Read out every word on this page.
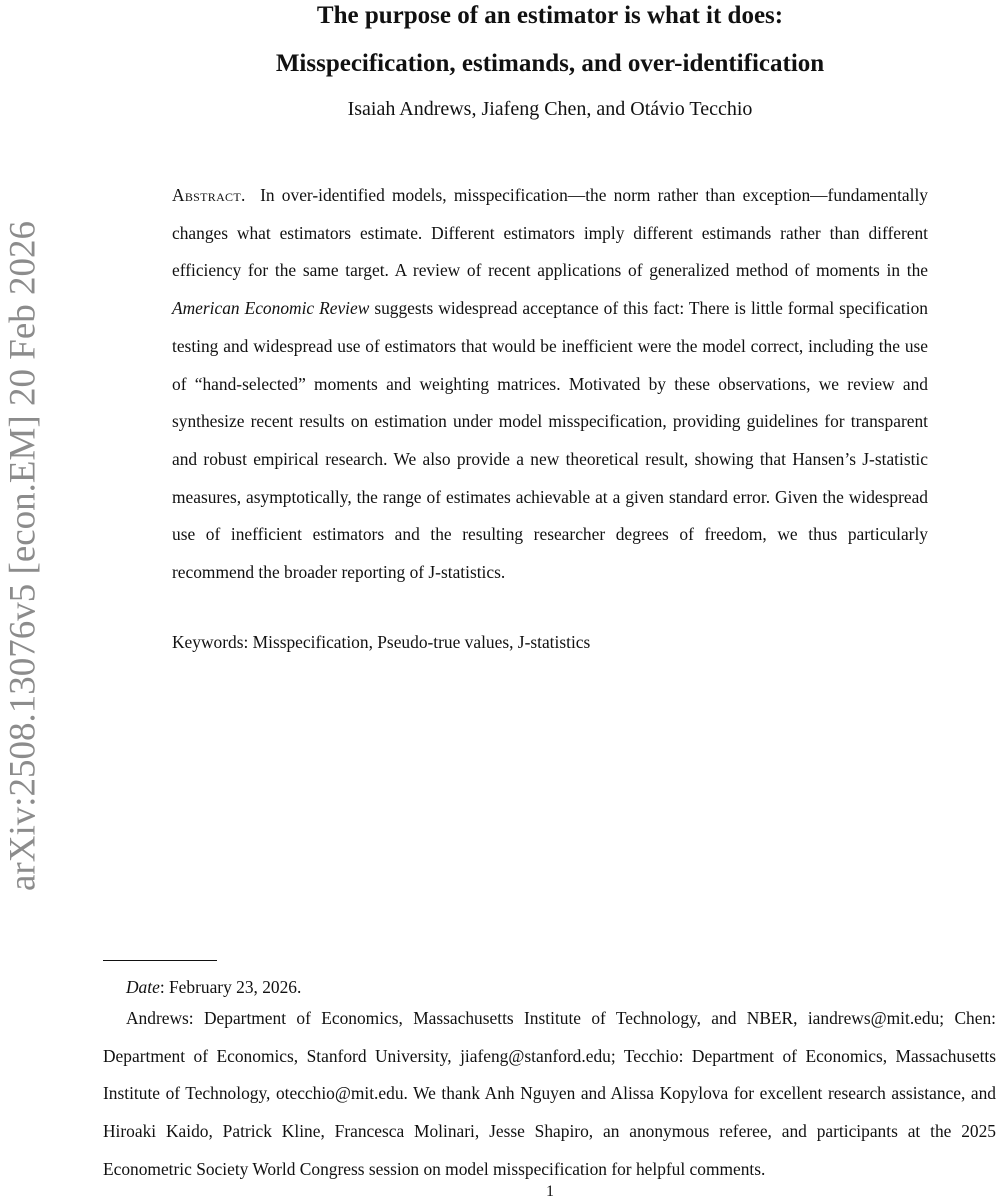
arXiv:2508.13076v5 [econ.EM] 20 Feb 2026
The purpose of an estimator is what it does:
Misspecification, estimands, and over-identification

Isaiah Andrews, Jiafeng Chen, and Otávio Tecchio

Abstract. In over-identified models, misspecification—the norm rather than exception—fundamentally changes what estimators estimate. Different estimators imply different estimands rather than different efficiency for the same target. A review of recent applications of generalized method of moments in the American Economic Review suggests widespread acceptance of this fact: There is little formal specification testing and widespread use of estimators that would be inefficient were the model correct, including the use of “hand-selected” moments and weighting matrices. Motivated by these observations, we review and synthesize recent results on estimation under model misspecification, providing guidelines for transparent and robust empirical research. We also provide a new theoretical result, showing that Hansen’s J-statistic measures, asymptotically, the range of estimates achievable at a given standard error. Given the widespread use of inefficient estimators and the resulting researcher degrees of freedom, we thus particularly recommend the broader reporting of J-statistics.

Keywords: Misspecification, Pseudo-true values, J-statistics

Date: February 23, 2026.

Andrews: Department of Economics, Massachusetts Institute of Technology, and NBER, iandrews@mit.edu; Chen: Department of Economics, Stanford University, jiafeng@stanford.edu; Tecchio: Department of Economics, Massachusetts Institute of Technology, otecchio@mit.edu. We thank Anh Nguyen and Alissa Kopylova for excellent research assistance, and Hiroaki Kaido, Patrick Kline, Francesca Molinari, Jesse Shapiro, an anonymous referee, and participants at the 2025 Econometric Society World Congress session on model misspecification for helpful comments.

1
